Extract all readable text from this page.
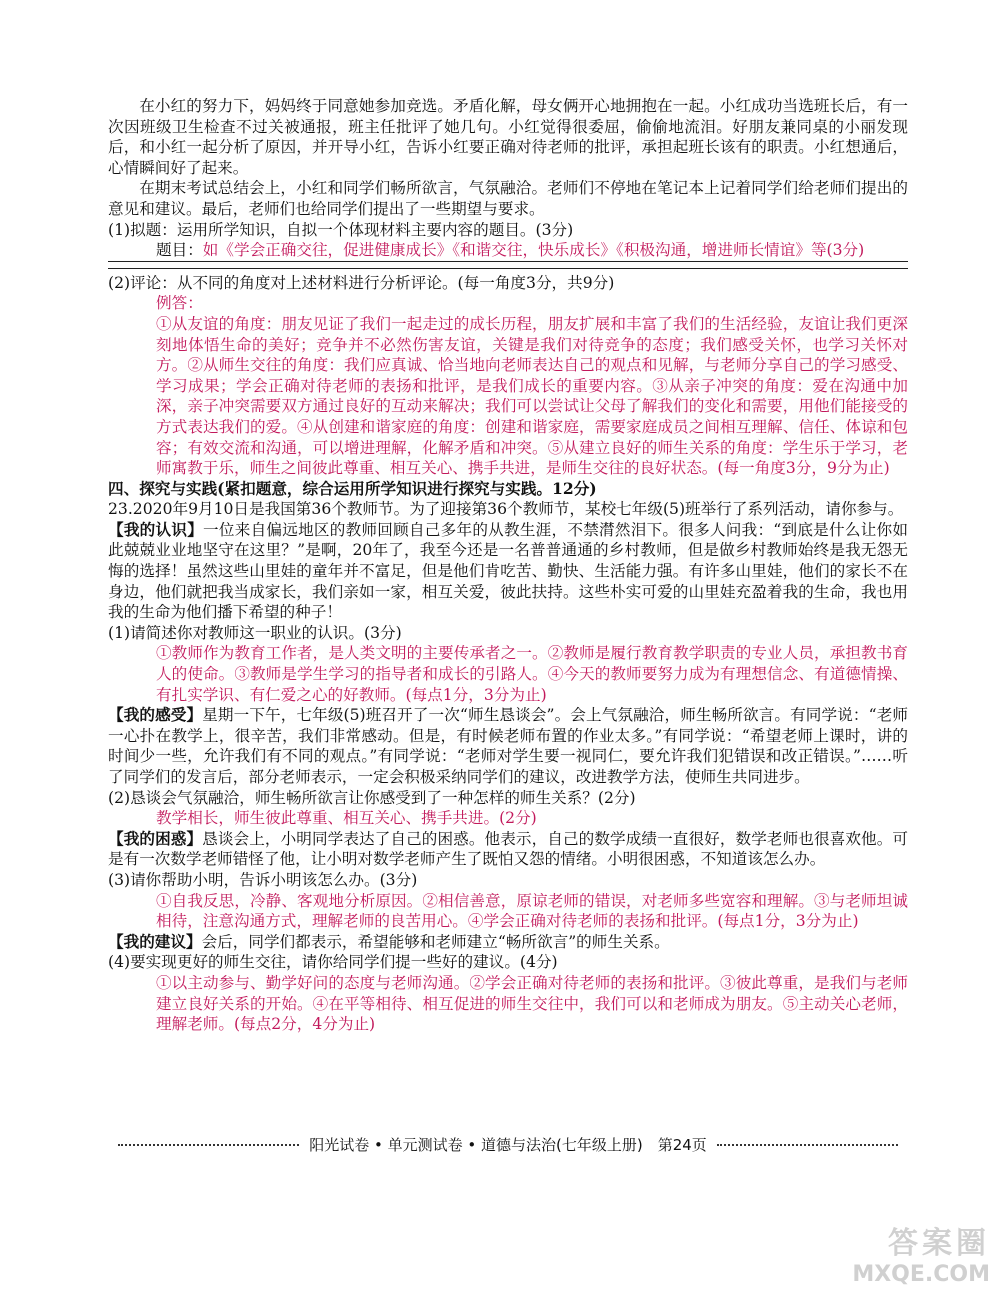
在小红的努力下，妈妈终于同意她参加竞选。矛盾化解，母女俩开心地拥抱在一起。小红成功当选班长后，有一次因班级卫生检查不过关被通报，班主任批评了她几句。小红觉得很委屈，偷偷地流泪。好朋友兼同桌的小丽发现后，和小红一起分析了原因，并开导小红，告诉小红要正确对待老师的批评，承担起班长该有的职责。小红想通后，心情瞬间好了起来。

在期末考试总结会上，小红和同学们畅所欲言，气氛融洽。老师们不停地在笔记本上记着同学们给老师们提出的意见和建议。最后，老师们也给同学们提出了一些期望与要求。

(1)拟题：运用所学知识，自拟一个体现材料主要内容的题目。(3分)

题目：如《学会正确交往，促进健康成长》《和谐交往，快乐成长》《积极沟通，增进师长情谊》等(3分)

(2)评论：从不同的角度对上述材料进行分析评论。(每一角度3分，共9分)

例答：

①从友谊的角度：朋友见证了我们一起走过的成长历程，朋友扩展和丰富了我们的生活经验，友谊让我们更深刻地体悟生命的美好；竞争并不必然伤害友谊，关键是我们对待竞争的态度；我们感受关怀，也学习关怀对方。②从师生交往的角度：我们应真诚、恰当地向老师表达自己的观点和见解，与老师分享自己的学习感受、学习成果；学会正确对待老师的表扬和批评，是我们成长的重要内容。③从亲子冲突的角度：爱在沟通中加深，亲子冲突需要双方通过良好的互动来解决；我们可以尝试让父母了解我们的变化和需要，用他们能接受的方式表达我们的爱。④从创建和谐家庭的角度：创建和谐家庭，需要家庭成员之间相互理解、信任、体谅和包容；有效交流和沟通，可以增进理解，化解矛盾和冲突。⑤从建立良好的师生关系的角度：学生乐于学习，老师寓教于乐，师生之间彼此尊重、相互关心、携手共进，是师生交往的良好状态。(每一角度3分，9分为止)

四、探究与实践(紧扣题意，综合运用所学知识进行探究与实践。12分)

23.2020年9月10日是我国第36个教师节。为了迎接第36个教师节，某校七年级(5)班举行了系列活动，请你参与。

【我的认识】一位来自偏远地区的教师回顾自己多年的从教生涯，不禁潸然泪下。很多人问我：“到底是什么让你如此兢兢业业地坚守在这里？”是啊，20年了，我至今还是一名普普通通的乡村教师，但是做乡村教师始终是我无怨无悔的选择！虽然这些山里娃的童年并不富足，但是他们肯吃苦、勤快、生活能力强。有许多山里娃，他们的家长不在身边，他们就把我当成家长，我们亲如一家，相互关爱，彼此扶持。这些朴实可爱的山里娃充盈着我的生命，我也用我的生命为他们播下希望的种子！

(1)请简述你对教师这一职业的认识。(3分)

①教师作为教育工作者，是人类文明的主要传承者之一。②教师是履行教育教学职责的专业人员，承担教书育人的使命。③教师是学生学习的指导者和成长的引路人。④今天的教师要努力成为有理想信念、有道德情操、有扎实学识、有仁爱之心的好教师。(每点1分，3分为止)

【我的感受】星期一下午，七年级(5)班召开了一次“师生恳谈会”。会上气氛融洽，师生畅所欲言。有同学说：“老师一心扑在教学上，很辛苦，我们非常感动。但是，有时候老师布置的作业太多。”有同学说：“希望老师上课时，讲的时间少一些，允许我们有不同的观点。”有同学说：“老师对学生要一视同仁，要允许我们犯错误和改正错误。”……听了同学们的发言后，部分老师表示，一定会积极采纳同学们的建议，改进教学方法，使师生共同进步。

(2)恳谈会气氛融洽，师生畅所欲言让你感受到了一种怎样的师生关系？(2分)

教学相长，师生彼此尊重、相互关心、携手共进。(2分)

【我的困惑】恳谈会上，小明同学表达了自己的困惑。他表示，自己的数学成绩一直很好，数学老师也很喜欢他。可是有一次数学老师错怪了他，让小明对数学老师产生了既怕又怨的情绪。小明很困惑，不知道该怎么办。

(3)请你帮助小明，告诉小明该怎么办。(3分)

①自我反思，冷静、客观地分析原因。②相信善意，原谅老师的错误，对老师多些宽容和理解。③与老师坦诚相待，注意沟通方式，理解老师的良苦用心。④学会正确对待老师的表扬和批评。(每点1分，3分为止)

【我的建议】会后，同学们都表示，希望能够和老师建立“畅所欲言”的师生关系。

(4)要实现更好的师生交往，请你给同学们提一些好的建议。(4分)

①以主动参与、勤学好问的态度与老师沟通。②学会正确对待老师的表扬和批评。③彼此尊重，是我们与老师建立良好关系的开始。④在平等相待、相互促进的师生交往中，我们可以和老师成为朋友。⑤主动关心老师，理解老师。(每点2分，4分为止)

阳光试卷 • 单元测试卷 • 道德与法治(七年级上册)　第24页
答案圈
MXQE.COM
